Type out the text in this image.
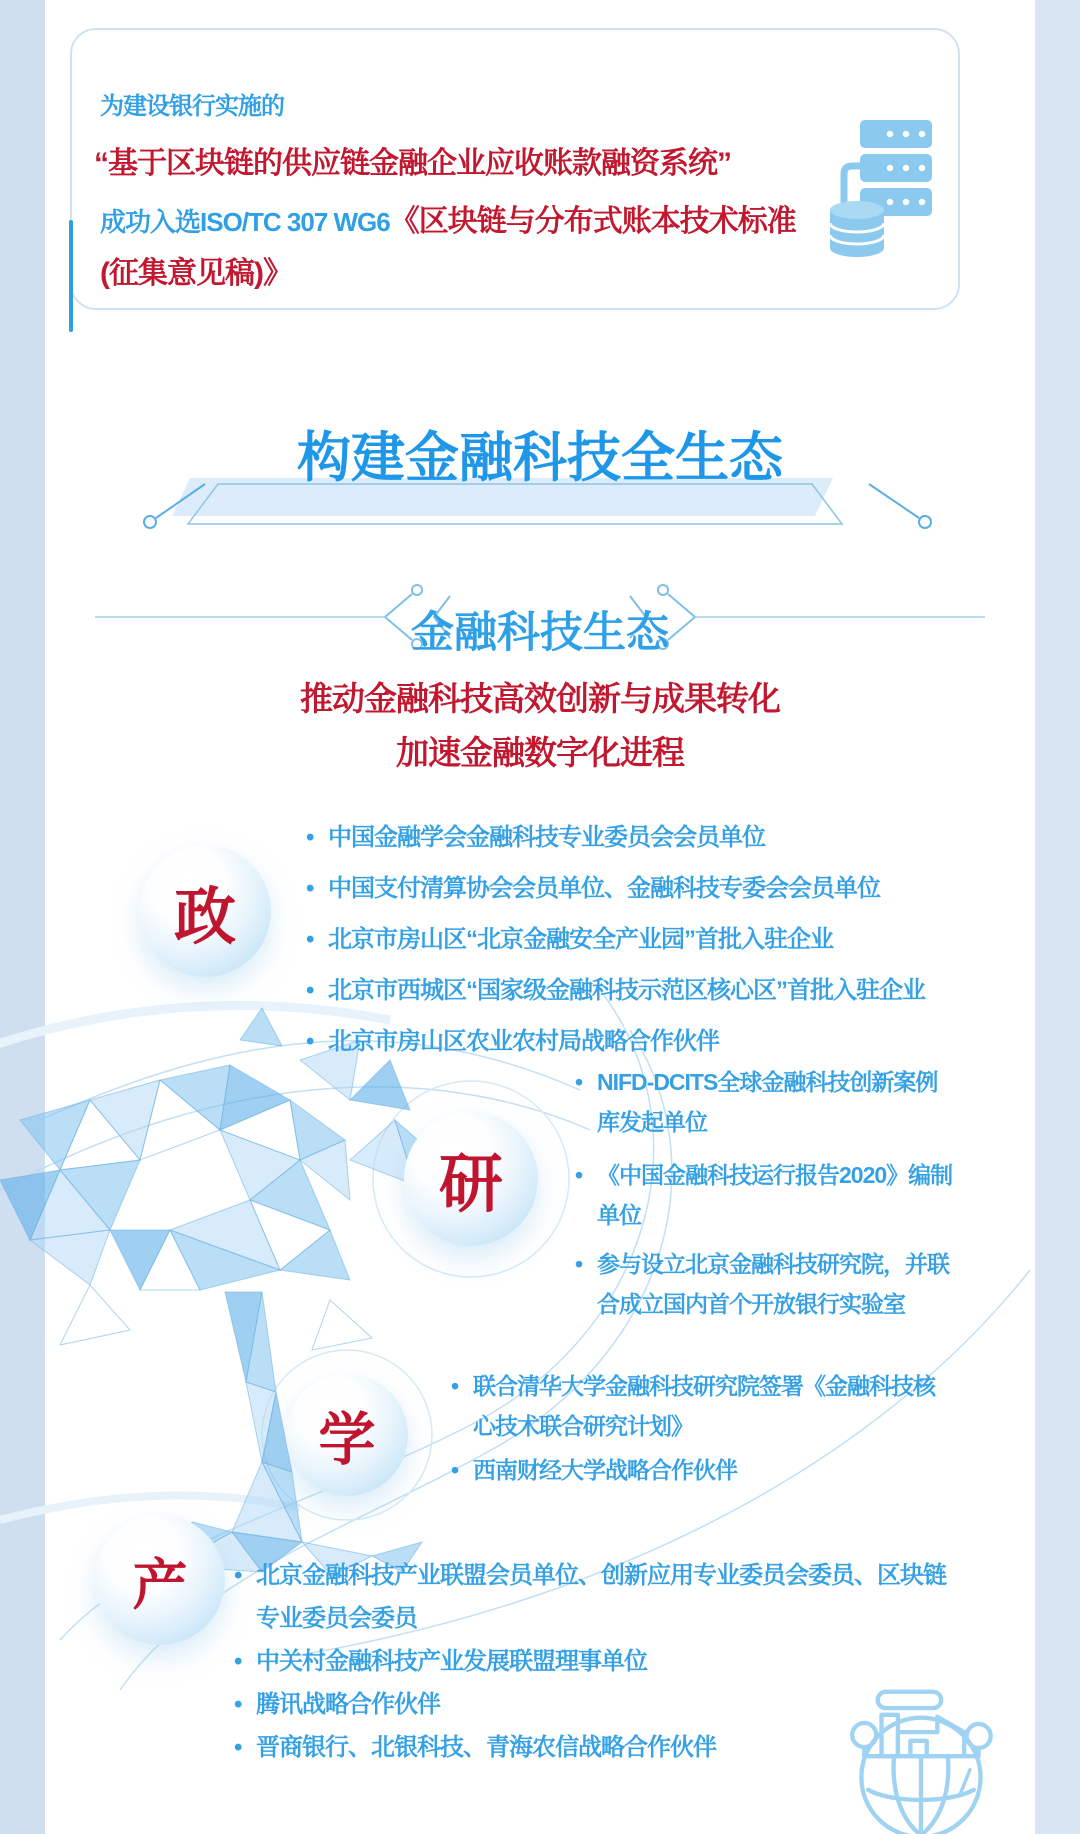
为建设银行实施的
“基于区块链的供应链金融企业应收账款融资系统”
成功入选ISO/TC 307 WG6《区块链与分布式账本技术标准(征集意见稿)》
构建金融科技全生态
金融科技生态
推动金融科技高效创新与成果转化
加速金融数字化进程
政
研
学
产
• 中国金融学会金融科技专业委员会会员单位
• 中国支付清算协会会员单位、金融科技专委会会员单位
• 北京市房山区“北京金融安全产业园”首批入驻企业
• 北京市西城区“国家级金融科技示范区核心区”首批入驻企业
• 北京市房山区农业农村局战略合作伙伴
• NIFD-DCITS全球金融科技创新案例
库发起单位
• 《中国金融科技运行报告2020》编制
单位
• 参与设立北京金融科技研究院，并联
合成立国内首个开放银行实验室
• 联合清华大学金融科技研究院签署《金融科技核
心技术联合研究计划》
• 西南财经大学战略合作伙伴
• 北京金融科技产业联盟会员单位、创新应用专业委员会委员、区块链
专业委员会委员
• 中关村金融科技产业发展联盟理事单位
• 腾讯战略合作伙伴
• 晋商银行、北银科技、青海农信战略合作伙伴
